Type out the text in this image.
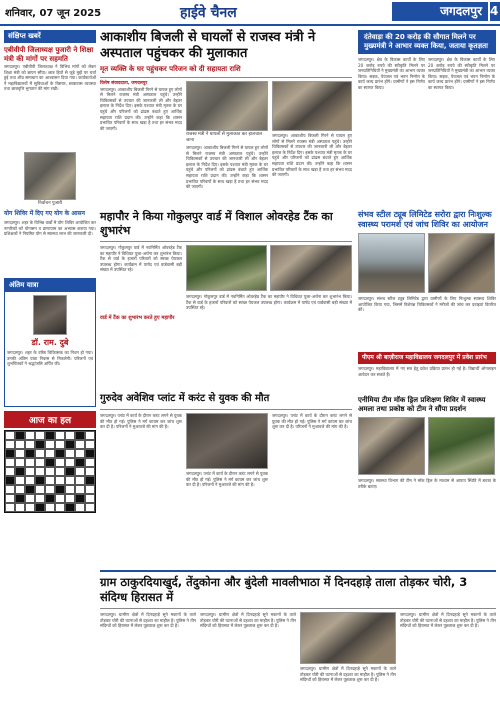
शनिवार, 07 जून 2025	हाईवे चैनल	जगदलपुर 4
संक्षिप्त खबरें
एबीवीपी जिलाध्यक्ष पुजारी ने शिक्षा मंत्री की मांगों पर सहमति
जगदलपुर। एबीवीपी जिलाध्यक्ष ने विभिन्न मांगों को लेकर शिक्षा मंत्री को ज्ञापन सौंपा। छात्र हितों से जुड़े मुद्दों पर चर्चा हुई तथा शीघ्र समाधान का आश्वासन दिया गया। कार्यकर्ताओं ने महाविद्यालयों में सुविधाओं के विस्तार, छात्रावास व्यवस्था तथा छात्रवृत्ति भुगतान की मांग रखी।
निर्वाचन पुजारी
योग शिविर में दिए गए योग के आसन
जगदलपुर। शहर के विभिन्न वार्डों में योग शिविर आयोजित कर नागरिकों को योगासन व प्राणायाम का अभ्यास कराया गया। प्रशिक्षकों ने नियमित योग से स्वास्थ्य लाभ की जानकारी दी।
अंतिम यात्रा
डॉ. राम. दुबे
जगदलपुर। शहर के वरिष्ठ चिकित्सक का निधन हो गया। उनकी अंतिम यात्रा निवास से निकलेगी। परिजनों एवं शुभचिंतकों ने श्रद्धांजलि अर्पित की।
आज का हल
आकाशीय बिजली से घायलों से राजस्व मंत्री ने अस्पताल पहुंचकर की मुलाकात
मृत व्यक्ति के घर पहुंचकर परिजन को दी सहायता राशि
विशेष संवाददाता, जगदलपुर
जगदलपुर। आकाशीय बिजली गिरने से घायल हुए लोगों से मिलने राजस्व मंत्री अस्पताल पहुंचे। उन्होंने चिकित्सकों से उपचार की जानकारी ली और बेहतर इलाज के निर्देश दिए। इसके पश्चात मंत्री मृतक के घर पहुंचे और परिजनों को ढांढस बंधाते हुए आर्थिक सहायता राशि प्रदान की। उन्होंने कहा कि शासन प्रभावित परिवारों के साथ खड़ा है तथा हर संभव मदद की जाएगी।
राजस्व मंत्री ने घायलों से मुलाकात कर हालचाल जाना
जगदलपुर। आकाशीय बिजली गिरने से घायल हुए लोगों से मिलने राजस्व मंत्री अस्पताल पहुंचे। उन्होंने चिकित्सकों से उपचार की जानकारी ली और बेहतर इलाज के निर्देश दिए। इसके पश्चात मंत्री मृतक के घर पहुंचे और परिजनों को ढांढस बंधाते हुए आर्थिक सहायता राशि प्रदान की। उन्होंने कहा कि शासन प्रभावित परिवारों के साथ खड़ा है तथा हर संभव मदद की जाएगी।
जगदलपुर। आकाशीय बिजली गिरने से घायल हुए लोगों से मिलने राजस्व मंत्री अस्पताल पहुंचे। उन्होंने चिकित्सकों से उपचार की जानकारी ली और बेहतर इलाज के निर्देश दिए। इसके पश्चात मंत्री मृतक के घर पहुंचे और परिजनों को ढांढस बंधाते हुए आर्थिक सहायता राशि प्रदान की। उन्होंने कहा कि शासन प्रभावित परिवारों के साथ खड़ा है तथा हर संभव मदद की जाएगी।
दंतेवाड़ा की 20 करोड़ की सौगात मिलने पर मुख्यमंत्री ने आभार व्यक्त किया, जताया कृतज्ञता
जगदलपुर। क्षेत्र के विकास कार्यों के लिए 20 करोड़ रुपये की स्वीकृति मिलने पर जनप्रतिनिधियों ने मुख्यमंत्री का आभार व्यक्त किया। सड़क, पेयजल एवं भवन निर्माण के कार्य जल्द प्रारंभ होंगे। ग्रामीणों ने इस निर्णय का स्वागत किया।
जगदलपुर। क्षेत्र के विकास कार्यों के लिए 20 करोड़ रुपये की स्वीकृति मिलने पर जनप्रतिनिधियों ने मुख्यमंत्री का आभार व्यक्त किया। सड़क, पेयजल एवं भवन निर्माण के कार्य जल्द प्रारंभ होंगे। ग्रामीणों ने इस निर्णय का स्वागत किया।
महापौर ने किया गोकुलपुर वार्ड में विशाल ओवरहेड टैंक का शुभारंभ
जगदलपुर। गोकुलपुर वार्ड में नवनिर्मित ओवरहेड टैंक का महापौर ने विधिवत पूजा-अर्चना कर शुभारंभ किया। टैंक से वार्ड के हजारों परिवारों को स्वच्छ पेयजल उपलब्ध होगा। कार्यक्रम में पार्षद एवं वार्डवासी बड़ी संख्या में उपस्थित रहे।
वार्ड में टैंक का शुभारंभ करते हुए महापौर
जगदलपुर। गोकुलपुर वार्ड में नवनिर्मित ओवरहेड टैंक का महापौर ने विधिवत पूजा-अर्चना कर शुभारंभ किया। टैंक से वार्ड के हजारों परिवारों को स्वच्छ पेयजल उपलब्ध होगा। कार्यक्रम में पार्षद एवं वार्डवासी बड़ी संख्या में उपस्थित रहे।
संभव स्टील ट्यूब लिमिटेड सरोरा द्वारा निःशुल्क स्वास्थ्य परामर्श एवं जांच शिविर का आयोजन
जगदलपुर। संभव स्टील ट्यूब लिमिटेड द्वारा ग्रामीणों के लिए निःशुल्क स्वास्थ्य शिविर आयोजित किया गया, जिसमें विशेषज्ञ चिकित्सकों ने मरीजों की जांच कर दवाइयां वितरित कीं।
पीएम श्री बाज़ीराज महाविद्यालय जगदलपुर में प्रवेश प्रारंभ
जगदलपुर। महाविद्यालय में नए सत्र हेतु प्रवेश प्रक्रिया प्रारंभ हो गई है। विद्यार्थी ऑनलाइन आवेदन कर सकते हैं।
गुरुदेव अवेशिव प्लांट में करंट से युवक की मौत
जगदलपुर। प्लांट में कार्य के दौरान करंट लगने से युवक की मौत हो गई। पुलिस ने मर्ग कायम कर जांच शुरू कर दी है। परिजनों ने मुआवजे की मांग की है।
जगदलपुर। प्लांट में कार्य के दौरान करंट लगने से युवक की मौत हो गई। पुलिस ने मर्ग कायम कर जांच शुरू कर दी है। परिजनों ने मुआवजे की मांग की है।
जगदलपुर। प्लांट में कार्य के दौरान करंट लगने से युवक की मौत हो गई। पुलिस ने मर्ग कायम कर जांच शुरू कर दी है। परिजनों ने मुआवजे की मांग की है।
एनीमिया टीम मॉक ड्रिल प्रशिक्षण शिविर में स्वास्थ्य अमला तथा प्रकोष्ठ को टीम ने सौंपा प्रदर्शन
जगदलपुर। स्वास्थ्य विभाग की टीम ने मॉक ड्रिल के माध्यम से आपात स्थिति में बचाव के तरीके बताए।
ग्राम ठाकुरदियाखुर्द, तेंदुकोना और बुंदेली मावलीभाठा में दिनदहाड़े ताला तोड़कर चोरी, 3 संदिग्ध हिरासत में
जगदलपुर। ग्रामीण क्षेत्रों में दिनदहाड़े सूने मकानों के ताले तोड़कर चोरी की घटनाओं से दहशत का माहौल है। पुलिस ने तीन संदिग्धों को हिरासत में लेकर पूछताछ शुरू कर दी है।
जगदलपुर। ग्रामीण क्षेत्रों में दिनदहाड़े सूने मकानों के ताले तोड़कर चोरी की घटनाओं से दहशत का माहौल है। पुलिस ने तीन संदिग्धों को हिरासत में लेकर पूछताछ शुरू कर दी है।
जगदलपुर। ग्रामीण क्षेत्रों में दिनदहाड़े सूने मकानों के ताले तोड़कर चोरी की घटनाओं से दहशत का माहौल है। पुलिस ने तीन संदिग्धों को हिरासत में लेकर पूछताछ शुरू कर दी है।
जगदलपुर। ग्रामीण क्षेत्रों में दिनदहाड़े सूने मकानों के ताले तोड़कर चोरी की घटनाओं से दहशत का माहौल है। पुलिस ने तीन संदिग्धों को हिरासत में लेकर पूछताछ शुरू कर दी है।
